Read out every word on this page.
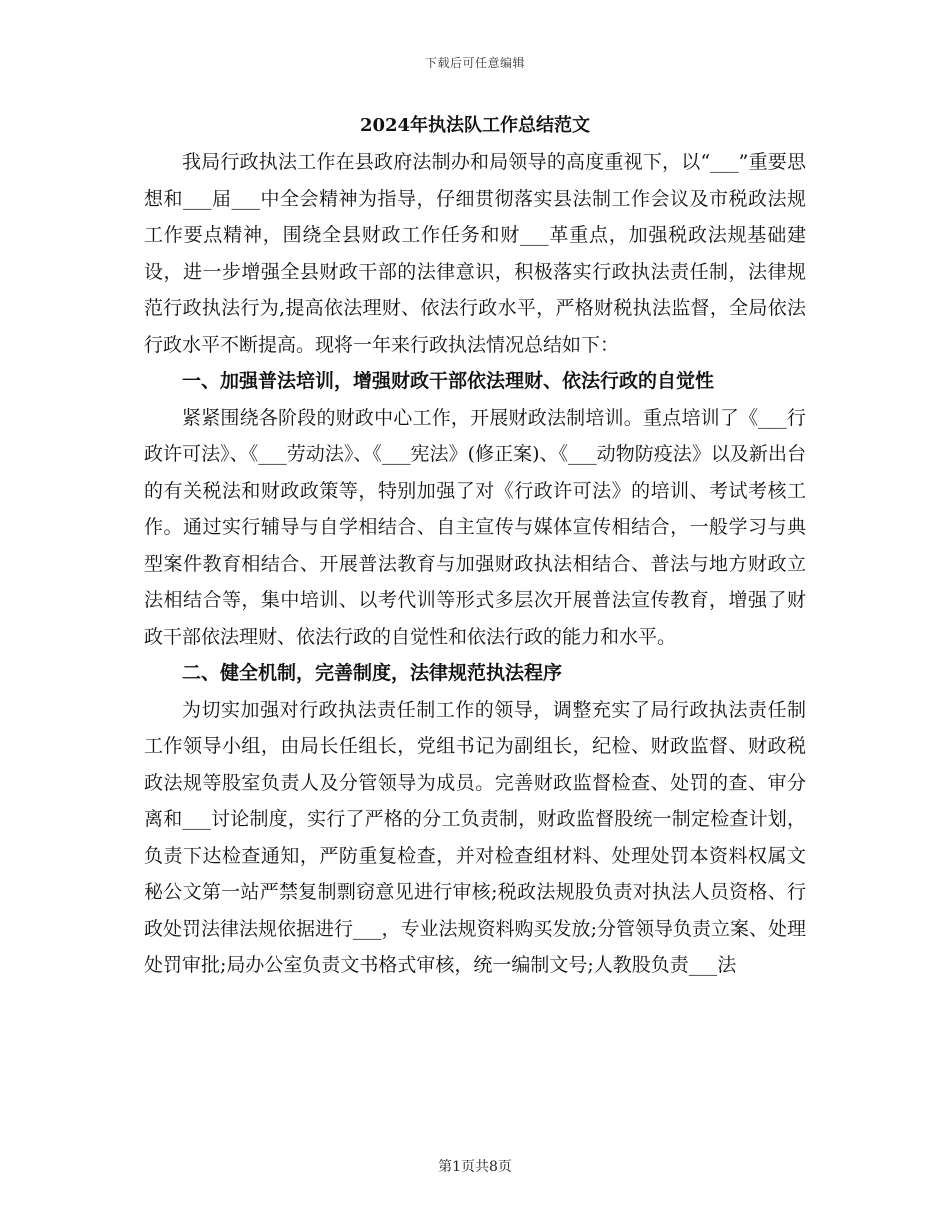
下载后可任意编辑
2024年执法队工作总结范文

我局行政执法工作在县政府法制办和局领导的高度重视下，以“___”重要思想和___届___中全会精神为指导，仔细贯彻落实县法制工作会议及市税政法规工作要点精神，围绕全县财政工作任务和财___革重点，加强税政法规基础建设，进一步增强全县财政干部的法律意识，积极落实行政执法责任制，法律规范行政执法行为,提高依法理财、依法行政水平，严格财税执法监督，全局依法行政水平不断提高。现将一年来行政执法情况总结如下：

一、加强普法培训，增强财政干部依法理财、依法行政的自觉性

紧紧围绕各阶段的财政中心工作，开展财政法制培训。重点培训了《___行政许可法》、《___劳动法》、《___宪法》(修正案)、《___动物防疫法》以及新出台的有关税法和财政政策等，特别加强了对《行政许可法》的培训、考试考核工作。通过实行辅导与自学相结合、自主宣传与媒体宣传相结合，一般学习与典型案件教育相结合、开展普法教育与加强财政执法相结合、普法与地方财政立法相结合等，集中培训、以考代训等形式多层次开展普法宣传教育，增强了财政干部依法理财、依法行政的自觉性和依法行政的能力和水平。

二、健全机制，完善制度，法律规范执法程序

为切实加强对行政执法责任制工作的领导，调整充实了局行政执法责任制工作领导小组，由局长任组长，党组书记为副组长，纪检、财政监督、财政税政法规等股室负责人及分管领导为成员。完善财政监督检查、处罚的查、审分离和___讨论制度，实行了严格的分工负责制，财政监督股统一制定检查计划，负责下达检查通知，严防重复检查，并对检查组材料、处理处罚本资料权属文秘公文第一站严禁复制剽窃意见进行审核;税政法规股负责对执法人员资格、行政处罚法律法规依据进行___，专业法规资料购买发放;分管领导负责立案、处理处罚审批;局办公室负责文书格式审核，统一编制文号;人教股负责___法

第1页共8页
